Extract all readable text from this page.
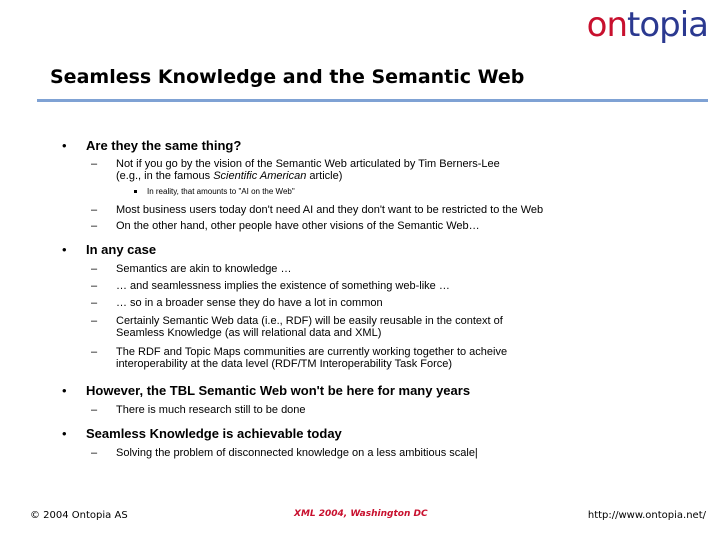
ontopia
Seamless Knowledge and the Semantic Web
• Are they the same thing?
– Not if you go by the vision of the Semantic Web articulated by Tim Berners-Lee
(e.g., in the famous Scientific American article)
In reality, that amounts to "AI on the Web"
– Most business users today don't need AI and they don't want to be restricted to the Web
– On the other hand, other people have other visions of the Semantic Web…
• In any case
– Semantics are akin to knowledge …
– … and seamlessness implies the existence of something web-like …
– … so in a broader sense they do have a lot in common
– Certainly Semantic Web data (i.e., RDF) will be easily reusable in the context of
Seamless Knowledge (as will relational data and XML)
– The RDF and Topic Maps communities are currently working together to acheive
interoperability at the data level (RDF/TM Interoperability Task Force)
• However, the TBL Semantic Web won't be here for many years
– There is much research still to be done
• Seamless Knowledge is achievable today
– Solving the problem of disconnected knowledge on a less ambitious scale|
© 2004 Ontopia AS	XML 2004, Washington DC	http://www.ontopia.net/
